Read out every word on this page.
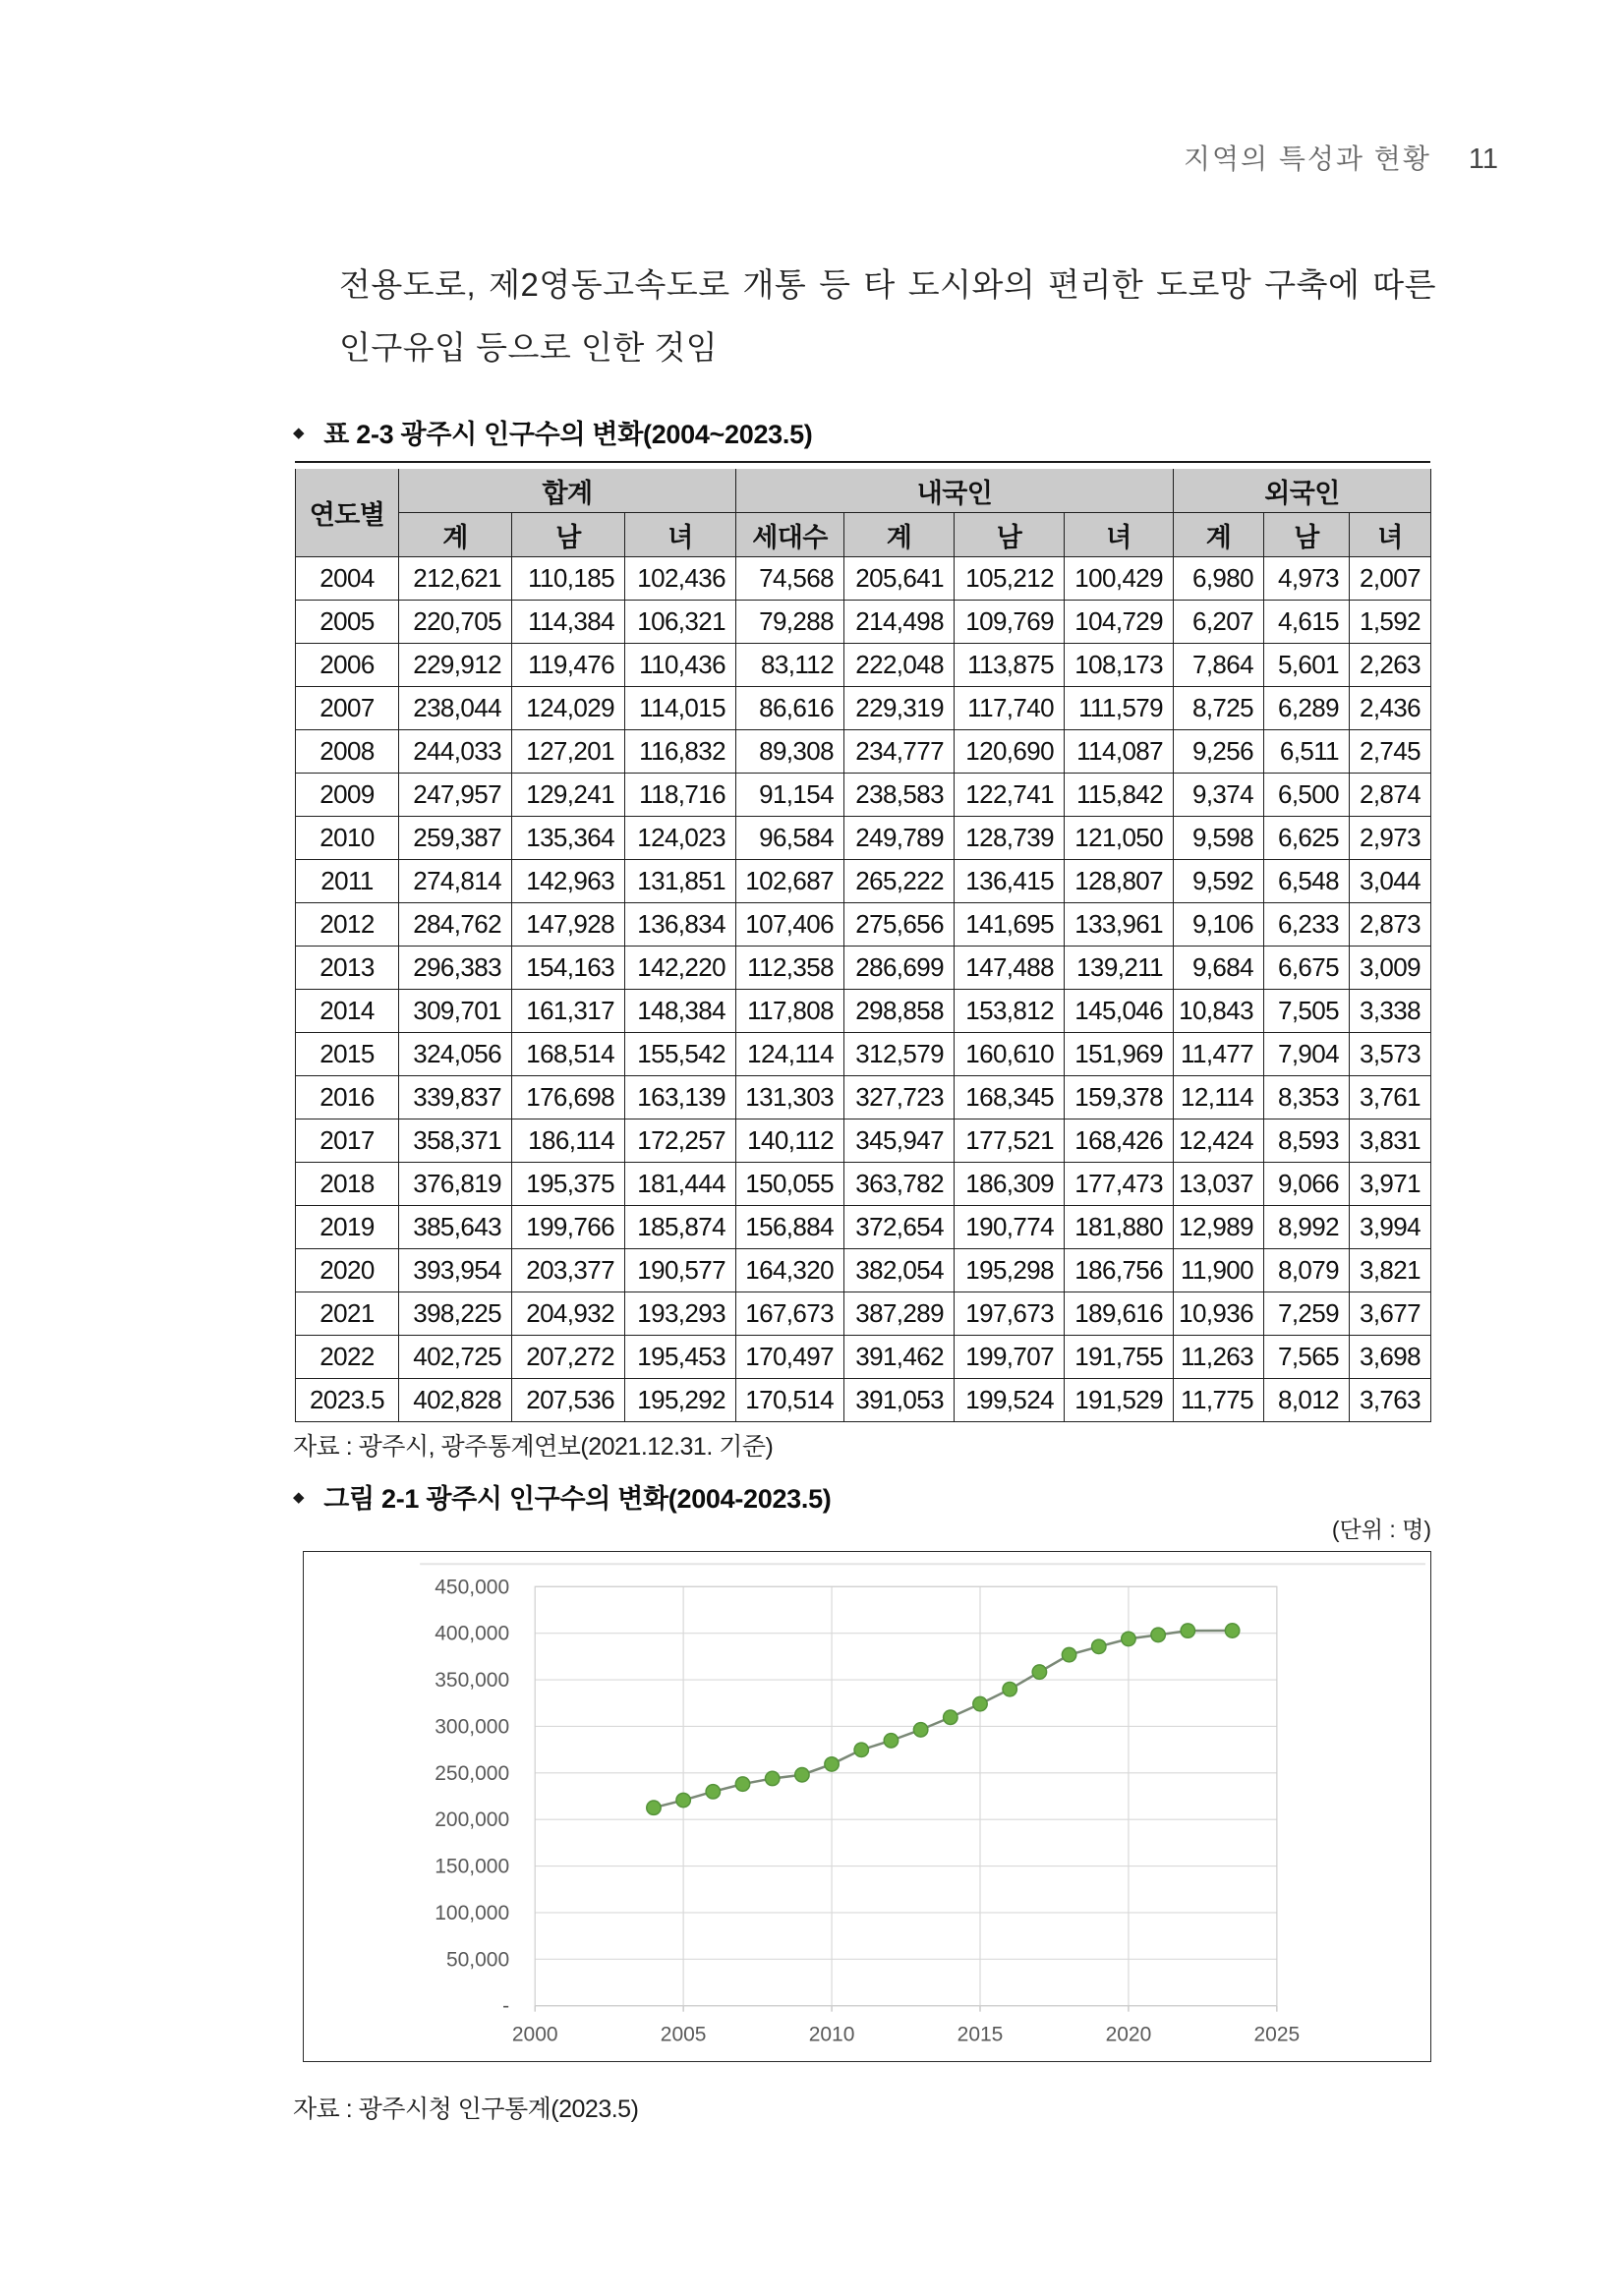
지역의 특성과 현황 11
전용도로, 제2영동고속도로 개통 등 타 도시와의 편리한 도로망 구축에 따른
인구유입 등으로 인한 것임
◆ 표 2-3 광주시 인구수의 변화(2004~2023.5)
연도별	합계			내국인				외국인		
	계	남	녀	세대수	계	남	녀	계	남	녀
2004	212,621	110,185	102,436	74,568	205,641	105,212	100,429	6,980	4,973	2,007
2005	220,705	114,384	106,321	79,288	214,498	109,769	104,729	6,207	4,615	1,592
2006	229,912	119,476	110,436	83,112	222,048	113,875	108,173	7,864	5,601	2,263
2007	238,044	124,029	114,015	86,616	229,319	117,740	111,579	8,725	6,289	2,436
2008	244,033	127,201	116,832	89,308	234,777	120,690	114,087	9,256	6,511	2,745
2009	247,957	129,241	118,716	91,154	238,583	122,741	115,842	9,374	6,500	2,874
2010	259,387	135,364	124,023	96,584	249,789	128,739	121,050	9,598	6,625	2,973
2011	274,814	142,963	131,851	102,687	265,222	136,415	128,807	9,592	6,548	3,044
2012	284,762	147,928	136,834	107,406	275,656	141,695	133,961	9,106	6,233	2,873
2013	296,383	154,163	142,220	112,358	286,699	147,488	139,211	9,684	6,675	3,009
2014	309,701	161,317	148,384	117,808	298,858	153,812	145,046	10,843	7,505	3,338
2015	324,056	168,514	155,542	124,114	312,579	160,610	151,969	11,477	7,904	3,573
2016	339,837	176,698	163,139	131,303	327,723	168,345	159,378	12,114	8,353	3,761
2017	358,371	186,114	172,257	140,112	345,947	177,521	168,426	12,424	8,593	3,831
2018	376,819	195,375	181,444	150,055	363,782	186,309	177,473	13,037	9,066	3,971
2019	385,643	199,766	185,874	156,884	372,654	190,774	181,880	12,989	8,992	3,994
2020	393,954	203,377	190,577	164,320	382,054	195,298	186,756	11,900	8,079	3,821
2021	398,225	204,932	193,293	167,673	387,289	197,673	189,616	10,936	7,259	3,677
2022	402,725	207,272	195,453	170,497	391,462	199,707	191,755	11,263	7,565	3,698
2023.5	402,828	207,536	195,292	170,514	391,053	199,524	191,529	11,775	8,012	3,763
자료 : 광주시, 광주통계연보(2021.12.31. 기준)
◆ 그림 2-1 광주시 인구수의 변화(2004-2023.5)
(단위 : 명)
-
50,000
100,000
150,000
200,000
250,000
300,000
350,000
400,000
450,000
2000	2005	2010	2015	2020	2025
자료 : 광주시청 인구통계(2023.5)
